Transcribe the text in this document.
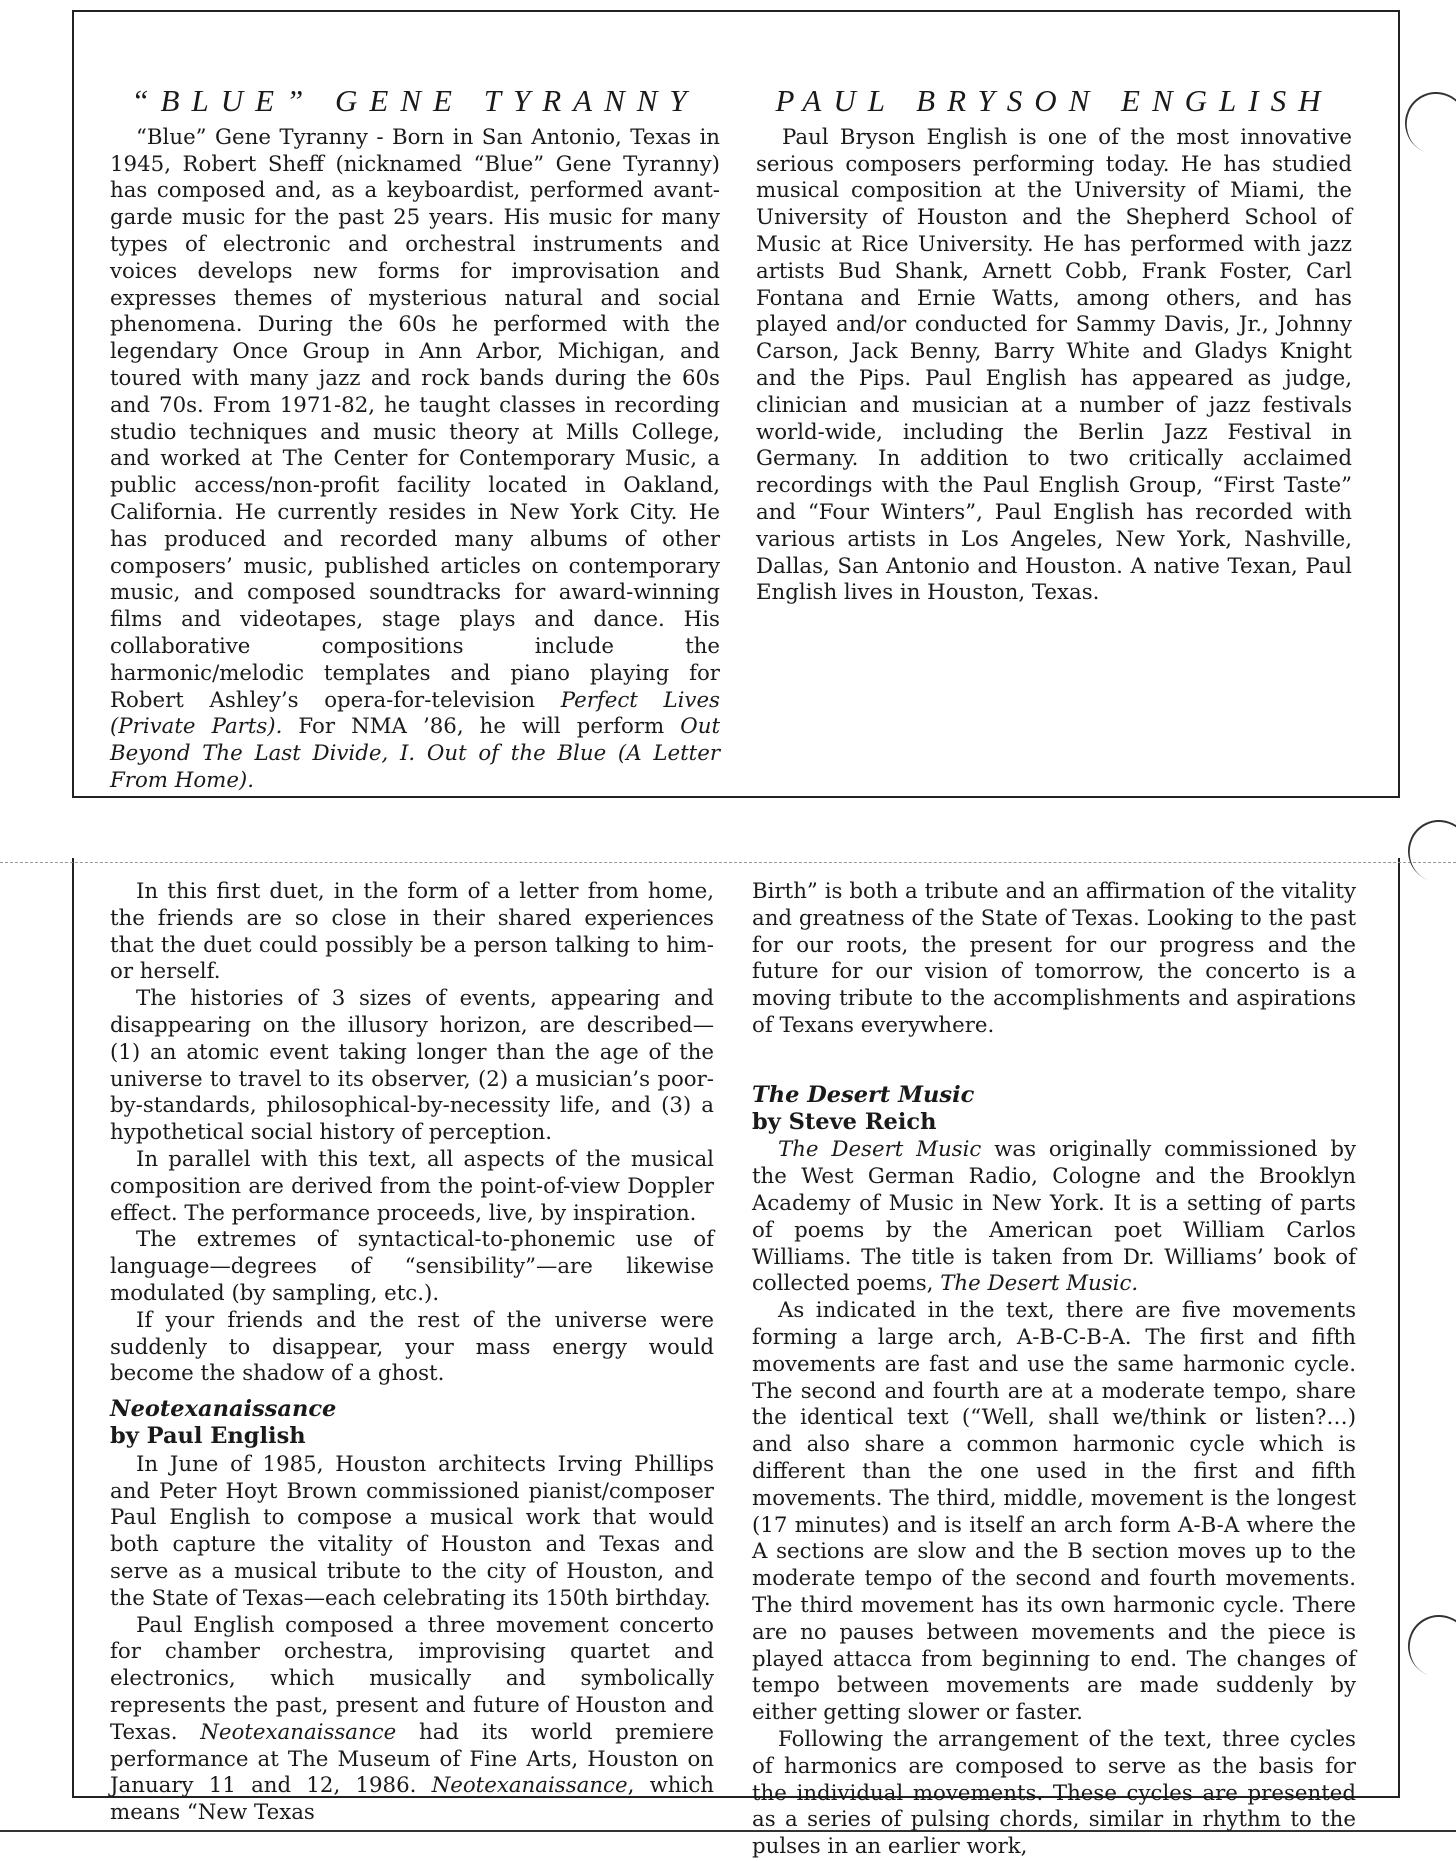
“BLUE” GENE TYRANNY

“Blue” Gene Tyranny - Born in San Antonio, Texas in 1945, Robert Sheff (nicknamed “Blue” Gene Tyranny) has composed and, as a keyboardist, performed avant-garde music for the past 25 years. His music for many types of electronic and orchestral instruments and voices develops new forms for improvisation and expresses themes of mysterious natural and social phenomena. During the 60s he performed with the legendary Once Group in Ann Arbor, Michigan, and toured with many jazz and rock bands during the 60s and 70s. From 1971-82, he taught classes in recording studio techniques and music theory at Mills College, and worked at The Center for Contemporary Music, a public access/non-profit facility located in Oakland, California. He currently resides in New York City. He has produced and recorded many albums of other composers’ music, published articles on contemporary music, and composed soundtracks for award-winning films and videotapes, stage plays and dance. His collaborative compositions include the harmonic/melodic templates and piano playing for Robert Ashley’s opera-for-television Perfect Lives (Private Parts). For NMA ’86, he will perform Out Beyond The Last Divide, I. Out of the Blue (A Letter From Home).

PAUL BRYSON ENGLISH

Paul Bryson English is one of the most innovative serious composers performing today. He has studied musical composition at the University of Miami, the University of Houston and the Shepherd School of Music at Rice University. He has performed with jazz artists Bud Shank, Arnett Cobb, Frank Foster, Carl Fontana and Ernie Watts, among others, and has played and/or conducted for Sammy Davis, Jr., Johnny Carson, Jack Benny, Barry White and Gladys Knight and the Pips. Paul English has appeared as judge, clinician and musician at a number of jazz festivals world-wide, including the Berlin Jazz Festival in Germany. In addition to two critically acclaimed recordings with the Paul English Group, “First Taste” and “Four Winters”, Paul English has recorded with various artists in Los Angeles, New York, Nashville, Dallas, San Antonio and Houston. A native Texan, Paul English lives in Houston, Texas.

In this first duet, in the form of a letter from home, the friends are so close in their shared experiences that the duet could possibly be a person talking to him- or herself.

The histories of 3 sizes of events, appearing and disappearing on the illusory horizon, are described—(1) an atomic event taking longer than the age of the universe to travel to its observer, (2) a musician’s poor-by-standards, philosophical-by-necessity life, and (3) a hypothetical social history of perception.

In parallel with this text, all aspects of the musical composition are derived from the point-of-view Doppler effect. The performance proceeds, live, by inspiration.

The extremes of syntactical-to-phonemic use of language—degrees of “sensibility”—are likewise modulated (by sampling, etc.).

If your friends and the rest of the universe were suddenly to disappear, your mass energy would become the shadow of a ghost.

Neotexanaissance
by Paul English

In June of 1985, Houston architects Irving Phillips and Peter Hoyt Brown commissioned pianist/composer Paul English to compose a musical work that would both capture the vitality of Houston and Texas and serve as a musical tribute to the city of Houston, and the State of Texas—each celebrating its 150th birthday.

Paul English composed a three movement concerto for chamber orchestra, improvising quartet and electronics, which musically and symbolically represents the past, present and future of Houston and Texas. Neotexanaissance had its world premiere performance at The Museum of Fine Arts, Houston on January 11 and 12, 1986. Neotexanaissance, which means “New Texas

Birth” is both a tribute and an affirmation of the vitality and greatness of the State of Texas. Looking to the past for our roots, the present for our progress and the future for our vision of tomorrow, the concerto is a moving tribute to the accomplishments and aspirations of Texans everywhere.

The Desert Music
by Steve Reich

The Desert Music was originally commissioned by the West German Radio, Cologne and the Brooklyn Academy of Music in New York. It is a setting of parts of poems by the American poet William Carlos Williams. The title is taken from Dr. Williams’ book of collected poems, The Desert Music.

As indicated in the text, there are five movements forming a large arch, A-B-C-B-A. The first and fifth movements are fast and use the same harmonic cycle. The second and fourth are at a moderate tempo, share the identical text (“Well, shall we/think or listen?…) and also share a common harmonic cycle which is different than the one used in the first and fifth movements. The third, middle, movement is the longest (17 minutes) and is itself an arch form A-B-A where the A sections are slow and the B section moves up to the moderate tempo of the second and fourth movements. The third movement has its own harmonic cycle. There are no pauses between movements and the piece is played attacca from beginning to end. The changes of tempo between movements are made suddenly by either getting slower or faster.

Following the arrangement of the text, three cycles of harmonics are composed to serve as the basis for the individual movements. These cycles are presented as a series of pulsing chords, similar in rhythm to the pulses in an earlier work,
